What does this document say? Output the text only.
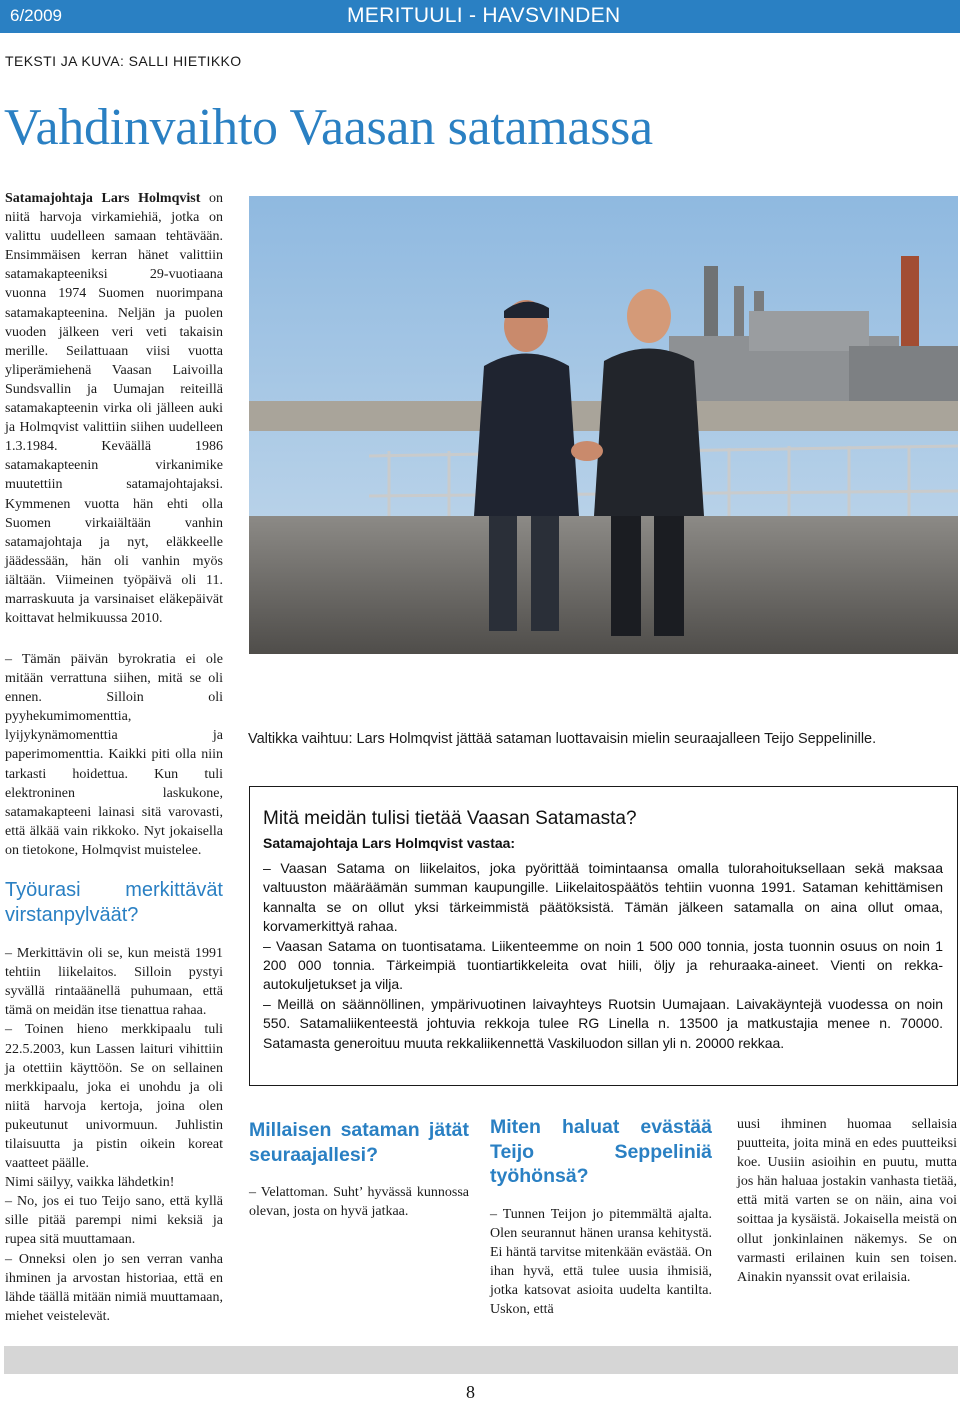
6/2009	MERITUULI - HAVSVINDEN
TEKSTI JA KUVA: SALLI HIETIKKO
Vahdinvaihto Vaasan satamassa

Satamajohtaja Lars Holmqvist on niitä harvoja virkamiehiä, jotka on valittu uudelleen samaan tehtävään. Ensimmäisen kerran hänet valittiin satamakapteeniksi 29-vuotiaana vuonna 1974 Suomen nuorimpana satamakapteenina. Neljän ja puolen vuoden jälkeen veri veti takaisin merille. Seilattuaan viisi vuotta yliperämiehenä Vaasan Laivoilla Sundsvallin ja Uumajan reiteillä satamakapteenin virka oli jälleen auki ja Holmqvist valittiin siihen uudelleen 1.3.1984. Keväällä 1986 satamakapteenin virkanimike muutettiin satamajohtajaksi. Kymmenen vuotta hän ehti olla Suomen virkaiältään vanhin satamajohtaja ja nyt, eläkkeelle jäädessään, hän oli vanhin myös iältään. Viimeinen työpäivä oli 11. marraskuuta ja varsinaiset eläkepäivät koittavat helmikuussa 2010.

– Tämän päivän byrokratia ei ole mitään verrattuna siihen, mitä se oli ennen. Silloin oli pyyhekumimomenttia, lyijykynämomenttia ja paperimomenttia. Kaikki piti olla niin tarkasti hoidettua. Kun tuli elektroninen laskukone, satamakapteeni lainasi sitä varovasti, että älkää vain rikkoko. Nyt jokaisella on tietokone, Holmqvist muistelee.

Työurasi merkittävät virstanpylväät?

– Merkittävin oli se, kun meistä 1991 tehtiin liikelaitos. Silloin pystyi syvällä rintaäänellä puhumaan, että tämä on meidän itse tienattua rahaa.

– Toinen hieno merkkipaalu tuli 22.5.2003, kun Lassen laituri vihittiin ja otettiin käyttöön. Se on sellainen merkkipaalu, joka ei unohdu ja oli niitä harvoja kertoja, joina olen pukeutunut univormuun. Juhlistin tilaisuutta ja pistin oikein koreat vaatteet päälle.

Nimi säilyy, vaikka lähdetkin!

– No, jos ei tuo Teijo sano, että kyllä sille pitää parempi nimi keksiä ja rupea sitä muuttamaan.

– Onneksi olen jo sen verran vanha ihminen ja arvostan historiaa, että en lähde täällä mitään nimiä muuttamaan, miehet veistelevät.

Valtikka vaihtuu: Lars Holmqvist jättää sataman luottavaisin mielin seuraajalleen Teijo Seppelinille.
Mitä meidän tulisi tietää Vaasan Satamasta?
Satamajohtaja Lars Holmqvist vastaa:

– Vaasan Satama on liikelaitos, joka pyörittää toimintaansa omalla tulorahoituksellaan sekä maksaa valtuuston määräämän summan kaupungille. Liikelaitospäätös tehtiin vuonna 1991. Sataman kehittämisen kannalta se on ollut yksi tärkeimmistä päätöksistä. Tämän jälkeen satamalla on aina ollut omaa, korvamerkittyä rahaa.

– Vaasan Satama on tuontisatama. Liikenteemme on noin 1 500 000 tonnia, josta tuonnin osuus on noin 1 200 000 tonnia. Tärkeimpiä tuontiartikkeleita ovat hiili, öljy ja rehuraaka-aineet. Vienti on rekka-autokuljetukset ja vilja.

– Meillä on säännöllinen, ympärivuotinen laivayhteys Ruotsin Uumajaan. Laivakäyntejä vuodessa on noin 550. Satamaliikenteestä johtuvia rekkoja tulee RG Linella n. 13500 ja matkustajia menee n. 70000. Satamasta generoituu muuta rekkaliikennettä Vaskiluodon sillan yli n. 20000 rekkaa.

Millaisen sataman jätät seuraajallesi?

– Velattoman. Suht’ hyvässä kunnossa olevan, josta on hyvä jatkaa.

Miten haluat evästää Teijo Seppeliniä työhönsä?

– Tunnen Teijon jo pitemmältä ajalta. Olen seurannut hänen uransa kehitystä. Ei häntä tarvitse mitenkään evästää. On ihan hyvä, että tulee uusia ihmisiä, jotka katsovat asioita uudelta kantilta. Uskon, että

uusi ihminen huomaa sellaisia puutteita, joita minä en edes puutteiksi koe. Uusiin asioihin en puutu, mutta jos hän haluaa jostakin vanhasta tietää, että mitä varten se on näin, aina voi soittaa ja kysäistä. Jokaisella meistä on ollut jonkinlainen näkemys. Se on varmasti erilainen kuin sen toisen. Ainakin nyanssit ovat erilaisia.

8
